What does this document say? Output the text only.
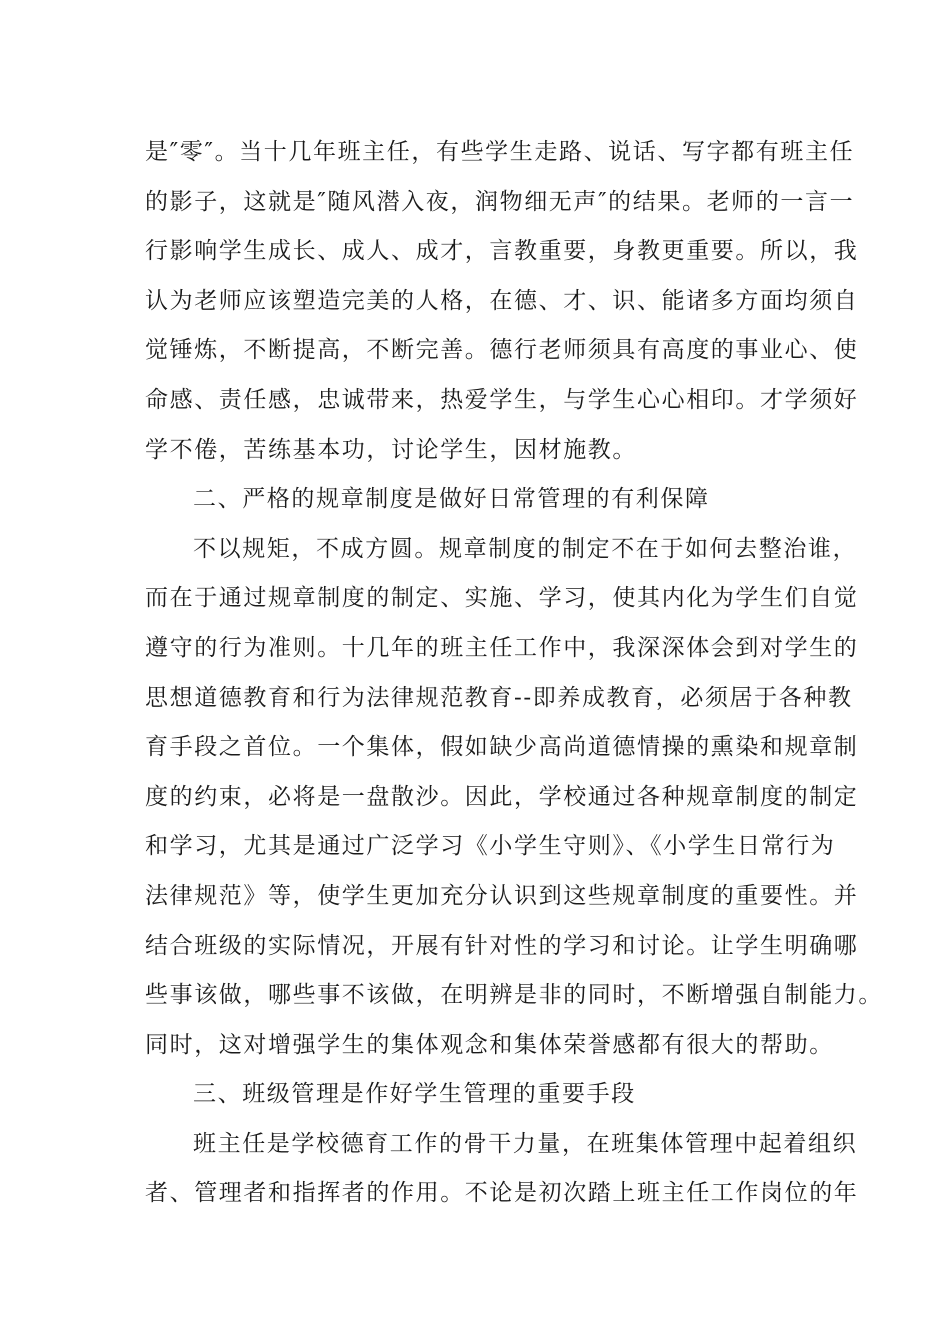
是″零″。当十几年班主任，有些学生走路、说话、写字都有班主任
的影子，这就是″随风潜入夜，润物细无声″的结果。老师的一言一
行影响学生成长、成人、成才，言教重要，身教更重要。所以，我
认为老师应该塑造完美的人格，在德、才、识、能诸多方面均须自
觉锤炼，不断提高，不断完善。德行老师须具有高度的事业心、使
命感、责任感，忠诚带来，热爱学生，与学生心心相印。才学须好
学不倦，苦练基本功，讨论学生，因材施教。
二、严格的规章制度是做好日常管理的有利保障
不以规矩，不成方圆。规章制度的制定不在于如何去整治谁，
而在于通过规章制度的制定、实施、学习，使其内化为学生们自觉
遵守的行为准则。十几年的班主任工作中，我深深体会到对学生的
思想道德教育和行为法律规范教育--即养成教育，必须居于各种教
育手段之首位。一个集体，假如缺少高尚道德情操的熏染和规章制
度的约束，必将是一盘散沙。因此，学校通过各种规章制度的制定
和学习，尤其是通过广泛学习《小学生守则》、《小学生日常行为
法律规范》等，使学生更加充分认识到这些规章制度的重要性。并
结合班级的实际情况，开展有针对性的学习和讨论。让学生明确哪
些事该做，哪些事不该做，在明辨是非的同时，不断增强自制能力。
同时，这对增强学生的集体观念和集体荣誉感都有很大的帮助。
三、班级管理是作好学生管理的重要手段
班主任是学校德育工作的骨干力量，在班集体管理中起着组织
者、管理者和指挥者的作用。不论是初次踏上班主任工作岗位的年
